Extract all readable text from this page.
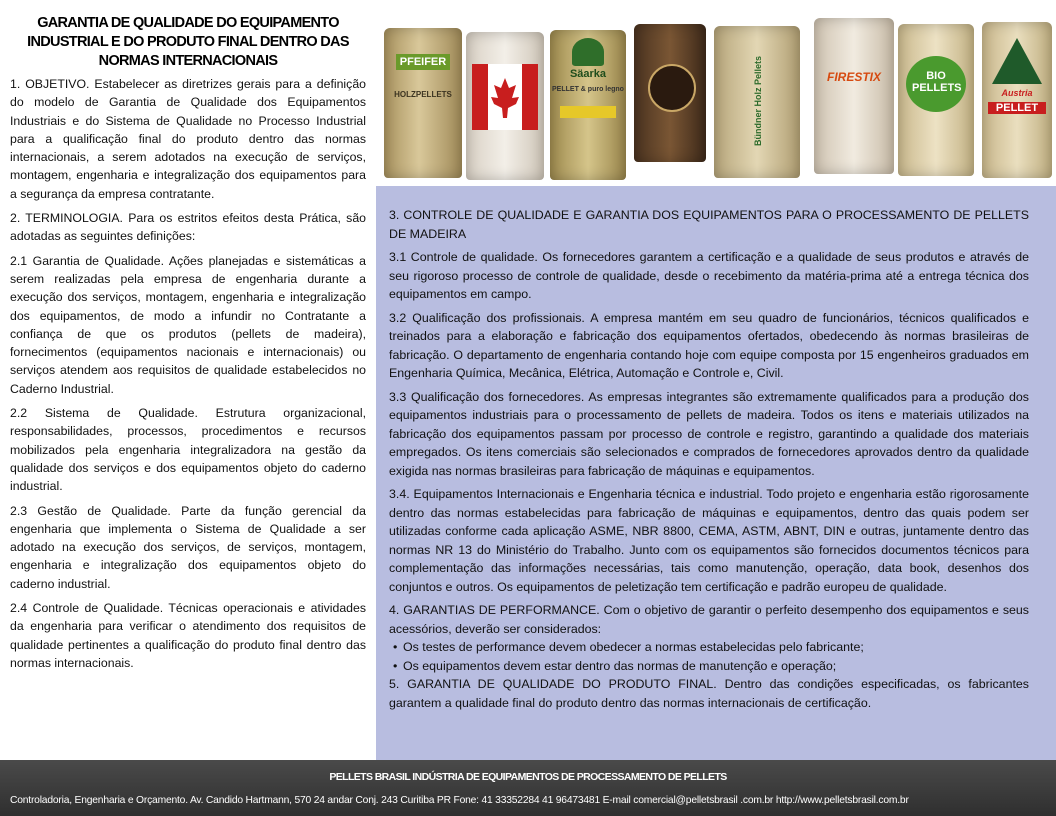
GARANTIA DE QUALIDADE DO EQUIPAMENTO INDUSTRIAL E DO PRODUTO FINAL DENTRO DAS NORMAS INTERNACIONAIS

1. OBJETIVO. Estabelecer as diretrizes gerais para a definição do modelo de Garantia de Qualidade dos Equipamentos Industriais e do Sistema de Qualidade no Processo Industrial para a qualificação final do produto dentro das normas internacionais, a serem adotados na execução de serviços, montagem, engenharia e integralização dos equipamentos para a segurança da empresa contratante.

2. TERMINOLOGIA. Para os estritos efeitos desta Prática, são adotadas as seguintes definições:

2.1 Garantia de Qualidade. Ações planejadas e sistemáticas a serem realizadas pela empresa de engenharia durante a execução dos serviços, montagem, engenharia e integralização dos equipamentos, de modo a infundir no Contratante a confiança de que os produtos (pellets de madeira), fornecimentos (equipamentos nacionais e internacionais) ou serviços atendem aos requisitos de qualidade estabelecidos no Caderno Industrial.

2.2 Sistema de Qualidade. Estrutura organizacional, responsabilidades, processos, procedimentos e recursos mobilizados pela engenharia integralizadora na gestão da qualidade dos serviços e dos equipamentos objeto do caderno industrial.

2.3 Gestão de Qualidade. Parte da função gerencial da engenharia que implementa o Sistema de Qualidade a ser adotado na execução dos serviços, de serviços, montagem, engenharia e integralização dos equipamentos objeto do caderno industrial.

2.4 Controle de Qualidade. Técnicas operacionais e atividades da engenharia para verificar o atendimento dos requisitos de qualidade pertinentes a qualificação do produto final dentro das normas internacionais.

PFEIFER
HOLZPELLETS
Säarka
PELLET & puro legno	Bündner Holz Pellets	FIRESTIX	BIO PELLETS	Austria
PELLET

3. CONTROLE DE QUALIDADE E GARANTIA DOS EQUIPAMENTOS PARA O PROCESSAMENTO DE PELLETS DE MADEIRA

3.1 Controle de qualidade. Os fornecedores garantem a certificação e a qualidade de seus produtos e através de seu rigoroso processo de controle de qualidade, desde o recebimento da matéria-prima até a entrega técnica dos equipamentos em campo.

3.2 Qualificação dos profissionais. A empresa mantém em seu quadro de funcionários, técnicos qualificados e treinados para a elaboração e fabricação dos equipamentos ofertados, obedecendo às normas brasileiras de fabricação. O departamento de engenharia contando hoje com equipe composta por 15 engenheiros graduados em Engenharia Química, Mecânica, Elétrica, Automação e Controle e, Civil.

3.3 Qualificação dos fornecedores. As empresas integrantes são extremamente qualificados para a produção dos equipamentos industriais para o processamento de pellets de madeira. Todos os itens e materiais utilizados na fabricação dos equipamentos passam por processo de controle e registro, garantindo a qualidade dos materiais empregados. Os itens comerciais são selecionados e comprados de fornecedores aprovados dentro da qualidade exigida nas normas brasileiras para fabricação de máquinas e equipamentos.

3.4. Equipamentos Internacionais e Engenharia técnica e industrial. Todo projeto e engenharia estão rigorosamente dentro das normas estabelecidas para fabricação de máquinas e equipamentos, dentro das quais podem ser utilizadas conforme cada aplicação ASME, NBR 8800, CEMA, ASTM, ABNT, DIN e outras, juntamente dentro das normas NR 13 do Ministério do Trabalho. Junto com os equipamentos são fornecidos documentos técnicos para complementação das informações necessárias, tais como manutenção, operação, data book, desenhos dos conjuntos e outros. Os equipamentos de peletização tem certificação e padrão europeu de qualidade.

4. GARANTIAS DE PERFORMANCE. Com o objetivo de garantir o perfeito desempenho dos equipamentos e seus acessórios, deverão ser considerados:

• Os testes de performance devem obedecer a normas estabelecidas pelo fabricante;
• Os equipamentos devem estar dentro das normas de manutenção e operação;

5. GARANTIA DE QUALIDADE DO PRODUTO FINAL. Dentro das condições especificadas, os fabricantes garantem a qualidade final do produto dentro das normas internacionais de certificação.

PELLETS BRASIL INDÚSTRIA DE EQUIPAMENTOS DE PROCESSAMENTO DE PELLETS
Controladoria, Engenharia e Orçamento. Av. Candido Hartmann, 570 24 andar Conj. 243 Curitiba PR Fone: 41 33352284 41 96473481 E-mail comercial@pelletsbrasil .com.br http://www.pelletsbrasil.com.br
